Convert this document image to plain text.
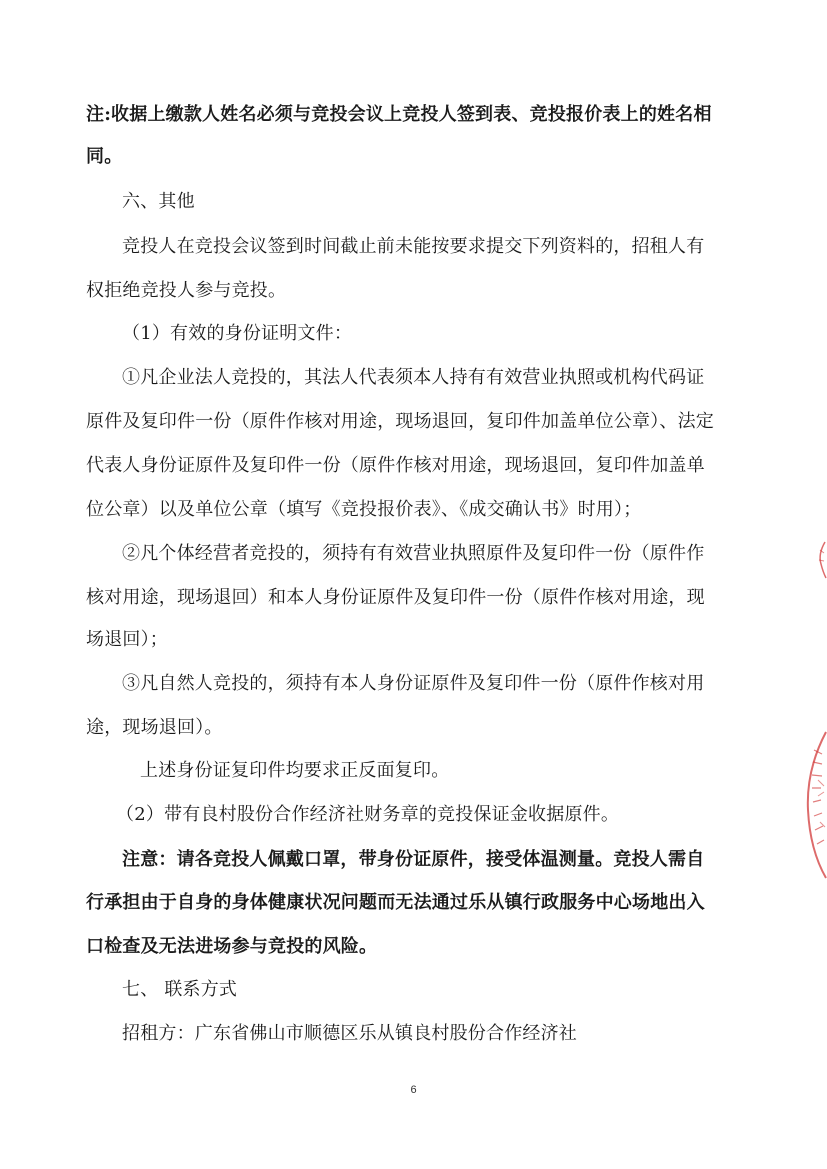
注:收据上缴款人姓名必须与竞投会议上竞投人签到表、竞投报价表上的姓名相
同。
六、其他
竞投人在竞投会议签到时间截止前未能按要求提交下列资料的，招租人有
权拒绝竞投人参与竞投。
（1）有效的身份证明文件：
①凡企业法人竞投的，其法人代表须本人持有有效营业执照或机构代码证
原件及复印件一份（原件作核对用途，现场退回，复印件加盖单位公章）、法定
代表人身份证原件及复印件一份（原件作核对用途，现场退回，复印件加盖单
位公章）以及单位公章（填写《竞投报价表》、《成交确认书》时用）；
②凡个体经营者竞投的，须持有有效营业执照原件及复印件一份（原件作
核对用途，现场退回）和本人身份证原件及复印件一份（原件作核对用途，现
场退回）；
③凡自然人竞投的，须持有本人身份证原件及复印件一份（原件作核对用
途，现场退回）。
上述身份证复印件均要求正反面复印。
（2）带有良村股份合作经济社财务章的竞投保证金收据原件。
注意：请各竞投人佩戴口罩，带身份证原件，接受体温测量。竞投人需自
行承担由于自身的身体健康状况问题而无法通过乐从镇行政服务中心场地出入
口检查及无法进场参与竞投的风险。
七、 联系方式
招租方：广东省佛山市顺德区乐从镇良村股份合作经济社
6
